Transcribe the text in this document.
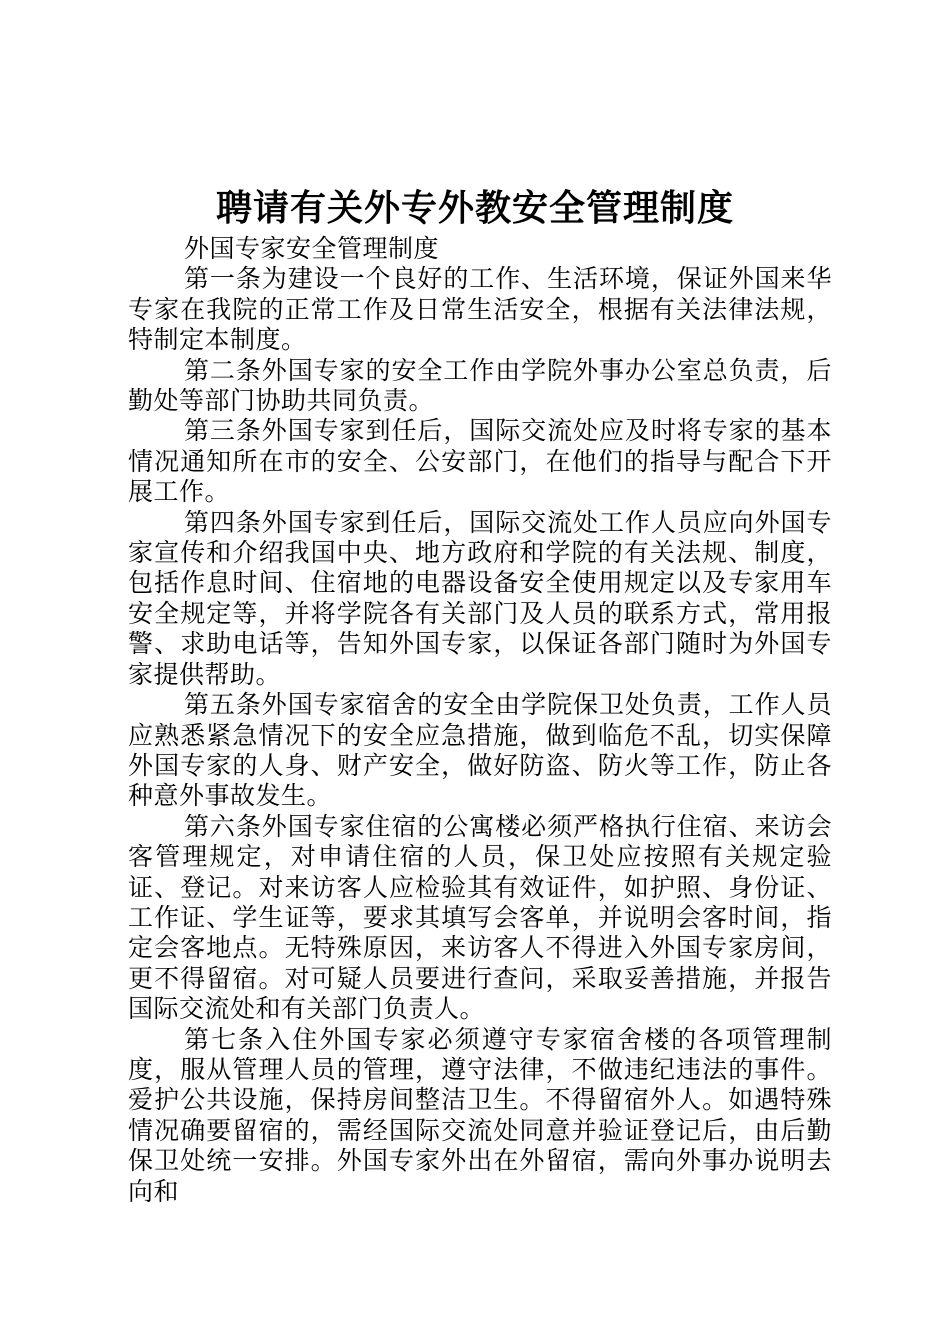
聘请有关外专外教安全管理制度

外国专家安全管理制度

第一条为建设一个良好的工作、生活环境，保证外国来华专家在我院的正常工作及日常生活安全，根据有关法律法规，特制定本制度。

第二条外国专家的安全工作由学院外事办公室总负责，后勤处等部门协助共同负责。

第三条外国专家到任后，国际交流处应及时将专家的基本情况通知所在市的安全、公安部门，在他们的指导与配合下开展工作。

第四条外国专家到任后，国际交流处工作人员应向外国专家宣传和介绍我国中央、地方政府和学院的有关法规、制度，包括作息时间、住宿地的电器设备安全使用规定以及专家用车安全规定等，并将学院各有关部门及人员的联系方式，常用报警、求助电话等，告知外国专家，以保证各部门随时为外国专家提供帮助。

第五条外国专家宿舍的安全由学院保卫处负责，工作人员应熟悉紧急情况下的安全应急措施，做到临危不乱，切实保障外国专家的人身、财产安全，做好防盗、防火等工作，防止各种意外事故发生。

第六条外国专家住宿的公寓楼必须严格执行住宿、来访会客管理规定，对申请住宿的人员，保卫处应按照有关规定验证、登记。对来访客人应检验其有效证件，如护照、身份证、工作证、学生证等，要求其填写会客单，并说明会客时间，指定会客地点。无特殊原因，来访客人不得进入外国专家房间，更不得留宿。对可疑人员要进行查问，采取妥善措施，并报告国际交流处和有关部门负责人。

第七条入住外国专家必须遵守专家宿舍楼的各项管理制度，服从管理人员的管理，遵守法律，不做违纪违法的事件。爱护公共设施，保持房间整洁卫生。不得留宿外人。如遇特殊情况确要留宿的，需经国际交流处同意并验证登记后，由后勤保卫处统一安排。外国专家外出在外留宿，需向外事办说明去向和
